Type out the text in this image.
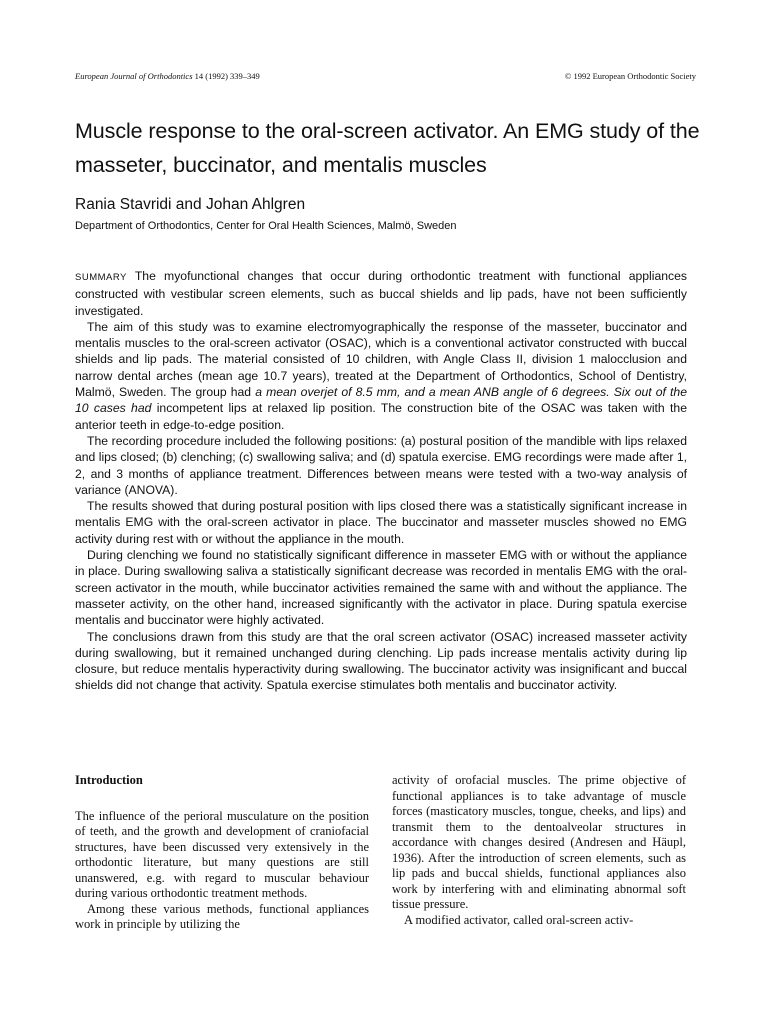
European Journal of Orthodontics 14 (1992) 339–349	© 1992 European Orthodontic Society
Muscle response to the oral-screen activator. An EMG study of the masseter, buccinator, and mentalis muscles
Rania Stavridi and Johan Ahlgren
Department of Orthodontics, Center for Oral Health Sciences, Malmö, Sweden

SUMMARY The myofunctional changes that occur during orthodontic treatment with functional appliances constructed with vestibular screen elements, such as buccal shields and lip pads, have not been sufficiently investigated.

The aim of this study was to examine electromyographically the response of the masseter, buccinator and mentalis muscles to the oral-screen activator (OSAC), which is a conventional activator constructed with buccal shields and lip pads. The material consisted of 10 children, with Angle Class II, division 1 malocclusion and narrow dental arches (mean age 10.7 years), treated at the Department of Orthodontics, School of Dentistry, Malmö, Sweden. The group had a mean overjet of 8.5 mm, and a mean ANB angle of 6 degrees. Six out of the 10 cases had incompetent lips at relaxed lip position. The construction bite of the OSAC was taken with the anterior teeth in edge-to-edge position.

The recording procedure included the following positions: (a) postural position of the mandible with lips relaxed and lips closed; (b) clenching; (c) swallowing saliva; and (d) spatula exercise. EMG recordings were made after 1, 2, and 3 months of appliance treatment. Differences between means were tested with a two-way analysis of variance (ANOVA).

The results showed that during postural position with lips closed there was a statistically significant increase in mentalis EMG with the oral-screen activator in place. The buccinator and masseter muscles showed no EMG activity during rest with or without the appliance in the mouth.

During clenching we found no statistically significant difference in masseter EMG with or without the appliance in place. During swallowing saliva a statistically significant decrease was recorded in mentalis EMG with the oral-screen activator in the mouth, while buccinator activities remained the same with and without the appliance. The masseter activity, on the other hand, increased significantly with the activator in place. During spatula exercise mentalis and buccinator were highly activated.

The conclusions drawn from this study are that the oral screen activator (OSAC) increased masseter activity during swallowing, but it remained unchanged during clenching. Lip pads increase mentalis activity during lip closure, but reduce mentalis hyperactivity during swallowing. The buccinator activity was insignificant and buccal shields did not change that activity. Spatula exercise stimulates both mentalis and buccinator activity.

Introduction

The influence of the perioral musculature on the position of teeth, and the growth and development of craniofacial structures, have been discussed very extensively in the orthodontic literature, but many questions are still unanswered, e.g. with regard to muscular behaviour during various orthodontic treatment methods.

Among these various methods, functional appliances work in principle by utilizing the

activity of orofacial muscles. The prime objective of functional appliances is to take advantage of muscle forces (masticatory muscles, tongue, cheeks, and lips) and transmit them to the dentoalveolar structures in accordance with changes desired (Andresen and Häupl, 1936). After the introduction of screen elements, such as lip pads and buccal shields, functional appliances also work by interfering with and eliminating abnormal soft tissue pressure.

A modified activator, called oral-screen activ-
